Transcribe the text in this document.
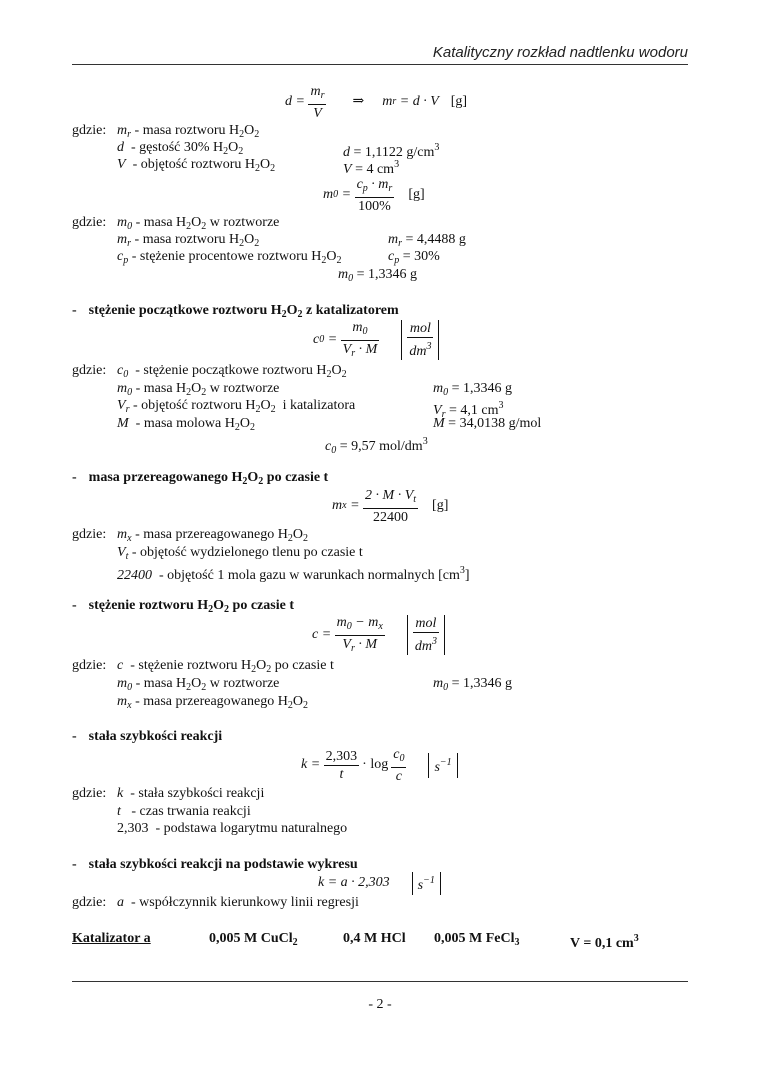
Katalityczny rozkład nadtlenku wodoru
$d = \frac{m_r}{V}$ ⇒ m r
= d · V [g]
gdzie: $m_r$ - masa roztworu $H_2O_2$
d - gęstość 30% $H_2O_2$	d = 1,1122 $g/cm^3$
V - objętość roztworu $H_2O_2$	V = 4 $cm^3$
m $0 = \frac{c_p \cdot m_r}{100\%} [g]$
gdzie: $m_0$ - masa $H_2O_2$ w roztworze
$m_r$ - masa roztworu $H_2O_2$	$m_r = 4,4488$ g
$c_p$ - stężenie procentowe roztworu $H_2O_2$	$c_p = 30\%$
$m_0 = 1,3346$ g
- stężenie początkowe roztworu $H_2O_2$ z katalizatorem
c $0 = \frac{m_0}{V_r \cdot M} \frac{\text{mol}}{dm^3}$
gdzie: $c_0$ - stężenie początkowe roztworu $H_2O_2$
$m_0$ - masa $H_2O_2$ w roztworze	$m_0 = 1,3346$ g
$V_r$ - objętość roztworu $H_2O_2$ i katalizatora	$V_r = 4,1$ $cm^3$
M - masa molowa $H_2O_2$	M = 34,0138 g/mol
$c_0 = 9,57$ mol/$dm^3$
- masa przereagowanego $H_2O_2$ po czasie t
m $x = \frac{2 \cdot M \cdot V_t}{22400} [g]$
gdzie: $m_x$ - masa przereagowanego $H_2O_2$
$V_t$ - objętość wydzielonego tlenu po czasie t
22400 - objętość 1 mola gazu w warunkach normalnych $[cm^3]$
- stężenie roztworu $H_2O_2$ po czasie t
$c = \frac{m_0 - m_x}{V_r \cdot M} \frac{\text{mol}}{dm^3}$
gdzie: c - stężenie roztworu $H_2O_2$ po czasie t
$m_0$ - masa $H_2O_2$ w roztworze	$m_0 = 1,3346$ g
$m_x$ - masa przereagowanego $H_2O_2$
- stała szybkości reakcji
$k = \frac{2,303}{t} \cdot \log \frac{c_0}{c}$	$s^{-1}$
gdzie: k - stała szybkości reakcji
t - czas trwania reakcji
2,303 - podstawa logarytmu naturalnego
- stała szybkości reakcji na podstawie wykresu
k = a · 2,303	$s^{-1}$
gdzie: a - współczynnik kierunkowy linii regresji
Katalizator a	0,005 M CuCl$_2$	0,4 M HCl 0,005 M FeCl$_3$	V = 0,1 $cm^3$
- 2 -
